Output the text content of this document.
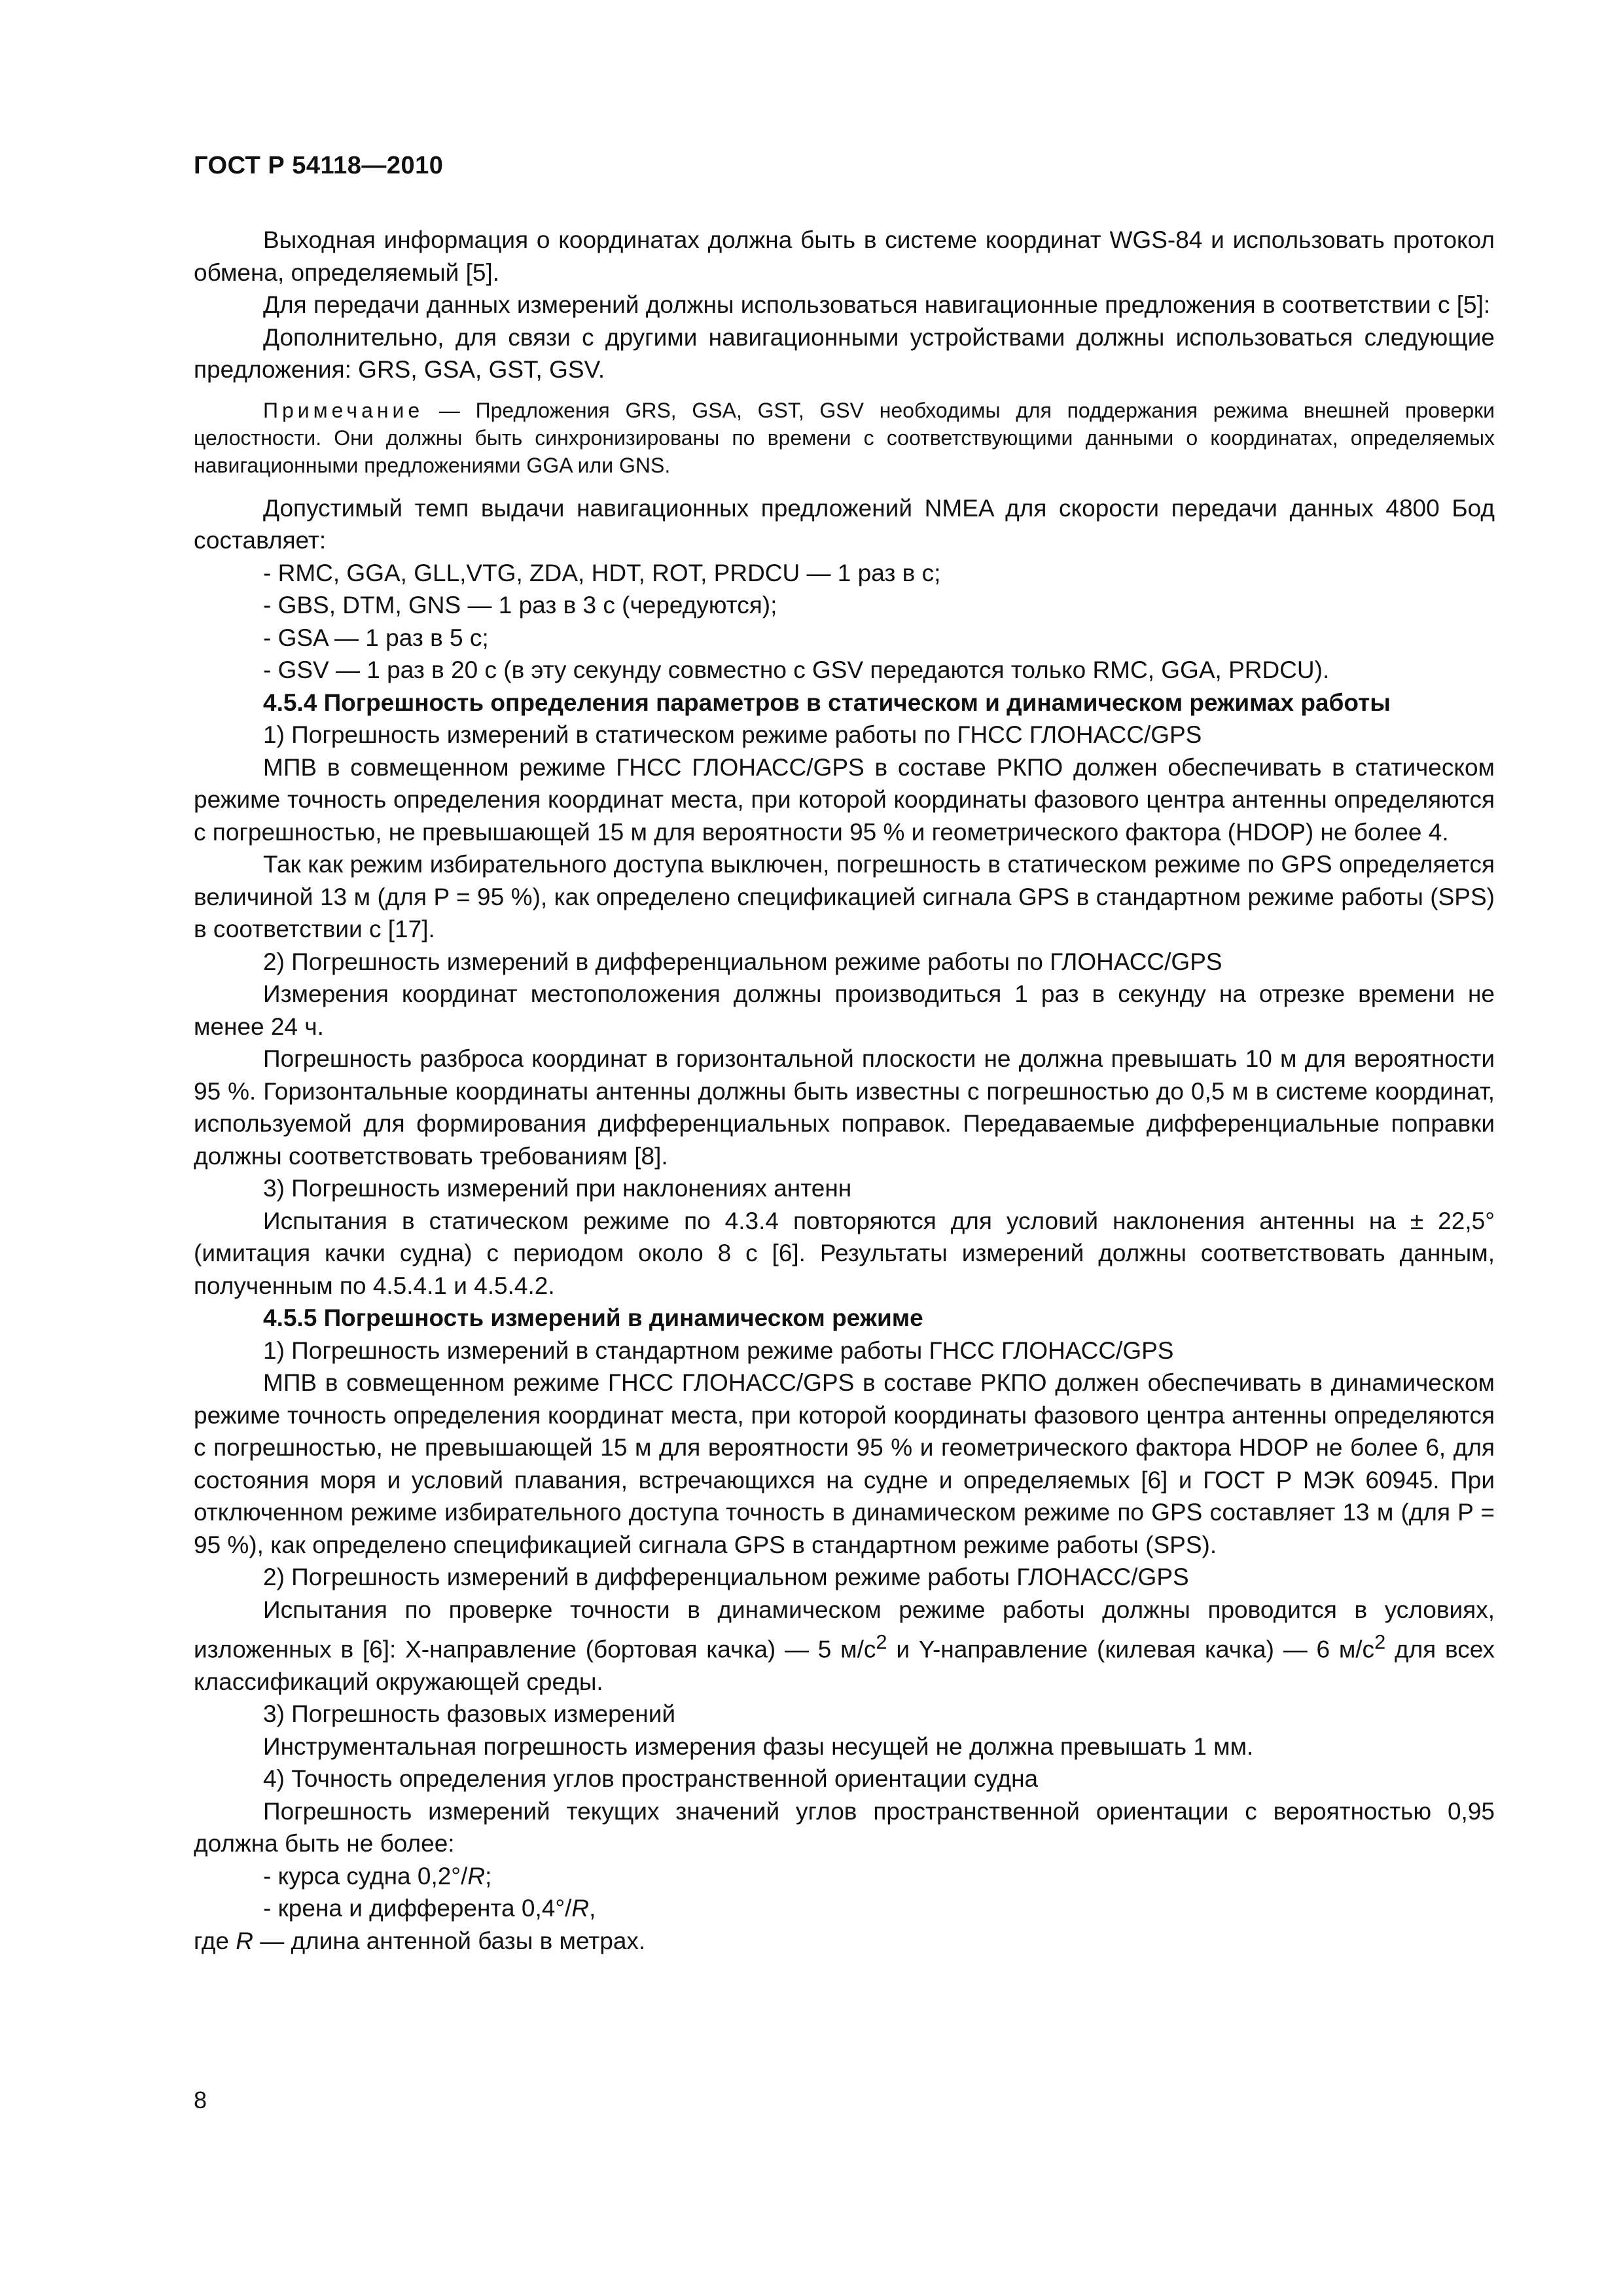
ГОСТ Р 54118—2010

Выходная информация о координатах должна быть в системе координат WGS-84 и использовать протокол обмена, определяемый [5].

Для передачи данных измерений должны использоваться навигационные предложения в соответствии с [5]:

Дополнительно, для связи с другими навигационными устройствами должны использоваться следующие предложения: GRS, GSA, GST, GSV.

Примечание — Предложения GRS, GSA, GST, GSV необходимы для поддержания режима внешней проверки целостности. Они должны быть синхронизированы по времени с соответствующими данными о координатах, определяемых навигационными предложениями GGA или GNS.

Допустимый темп выдачи навигационных предложений NMEA для скорости передачи данных 4800 Бод составляет:

- RMC, GGA, GLL,VTG, ZDA, HDT, ROT, PRDCU — 1 раз в с;

- GBS, DTM, GNS — 1 раз в 3 с (чередуются);

- GSA — 1 раз в 5 с;

- GSV — 1 раз в 20 с (в эту секунду совместно с GSV передаются только RMC, GGA, PRDCU).

4.5.4 Погрешность определения параметров в статическом и динамическом режимах работы

1) Погрешность измерений в статическом режиме работы по ГНСС ГЛОНАСС/GPS

МПВ в совмещенном режиме ГНСС ГЛОНАСС/GPS в составе РКПО должен обеспечивать в статическом режиме точность определения координат места, при которой координаты фазового центра антенны определяются с погрешностью, не превышающей 15 м для вероятности 95 % и геометрического фактора (HDOP) не более 4.

Так как режим избирательного доступа выключен, погрешность в статическом режиме по GPS определяется величиной 13 м (для P = 95 %), как определено спецификацией сигнала GPS в стандартном режиме работы (SPS) в соответствии с [17].

2) Погрешность измерений в дифференциальном режиме работы по ГЛОНАСС/GPS

Измерения координат местоположения должны производиться 1 раз в секунду на отрезке времени не менее 24 ч.

Погрешность разброса координат в горизонтальной плоскости не должна превышать 10 м для вероятности 95 %. Горизонтальные координаты антенны должны быть известны с погрешностью до 0,5 м в системе координат, используемой для формирования дифференциальных поправок. Передаваемые дифференциальные поправки должны соответствовать требованиям [8].

3) Погрешность измерений при наклонениях антенн

Испытания в статическом режиме по 4.3.4 повторяются для условий наклонения антенны на ± 22,5° (имитация качки судна) с периодом около 8 с [6]. Результаты измерений должны соответствовать данным, полученным по 4.5.4.1 и 4.5.4.2.

4.5.5 Погрешность измерений в динамическом режиме

1) Погрешность измерений в стандартном режиме работы ГНСС ГЛОНАСС/GPS

МПВ в совмещенном режиме ГНСС ГЛОНАСС/GPS в составе РКПО должен обеспечивать в динамическом режиме точность определения координат места, при которой координаты фазового центра антенны определяются с погрешностью, не превышающей 15 м для вероятности 95 % и геометрического фактора HDOP не более 6, для состояния моря и условий плавания, встречающихся на судне и определяемых [6] и ГОСТ Р МЭК 60945. При отключенном режиме избирательного доступа точность в динамическом режиме по GPS составляет 13 м (для P = 95 %), как определено спецификацией сигнала GPS в стандартном режиме работы (SPS).

2) Погрешность измерений в дифференциальном режиме работы ГЛОНАСС/GPS

Испытания по проверке точности в динамическом режиме работы должны проводится в условиях, изложенных в [6]: X-направление (бортовая качка) — 5 $м/с^2$ и Y-направление (килевая качка) — 6 $м/с^2$ для всех классификаций окружающей среды.

3) Погрешность фазовых измерений

Инструментальная погрешность измерения фазы несущей не должна превышать 1 мм.

4) Точность определения углов пространственной ориентации судна

Погрешность измерений текущих значений углов пространственной ориентации с вероятностью 0,95 должна быть не более:

- курса судна 0,2°/R;

- крена и дифферента 0,4°/R,

где R — длина антенной базы в метрах.

8
